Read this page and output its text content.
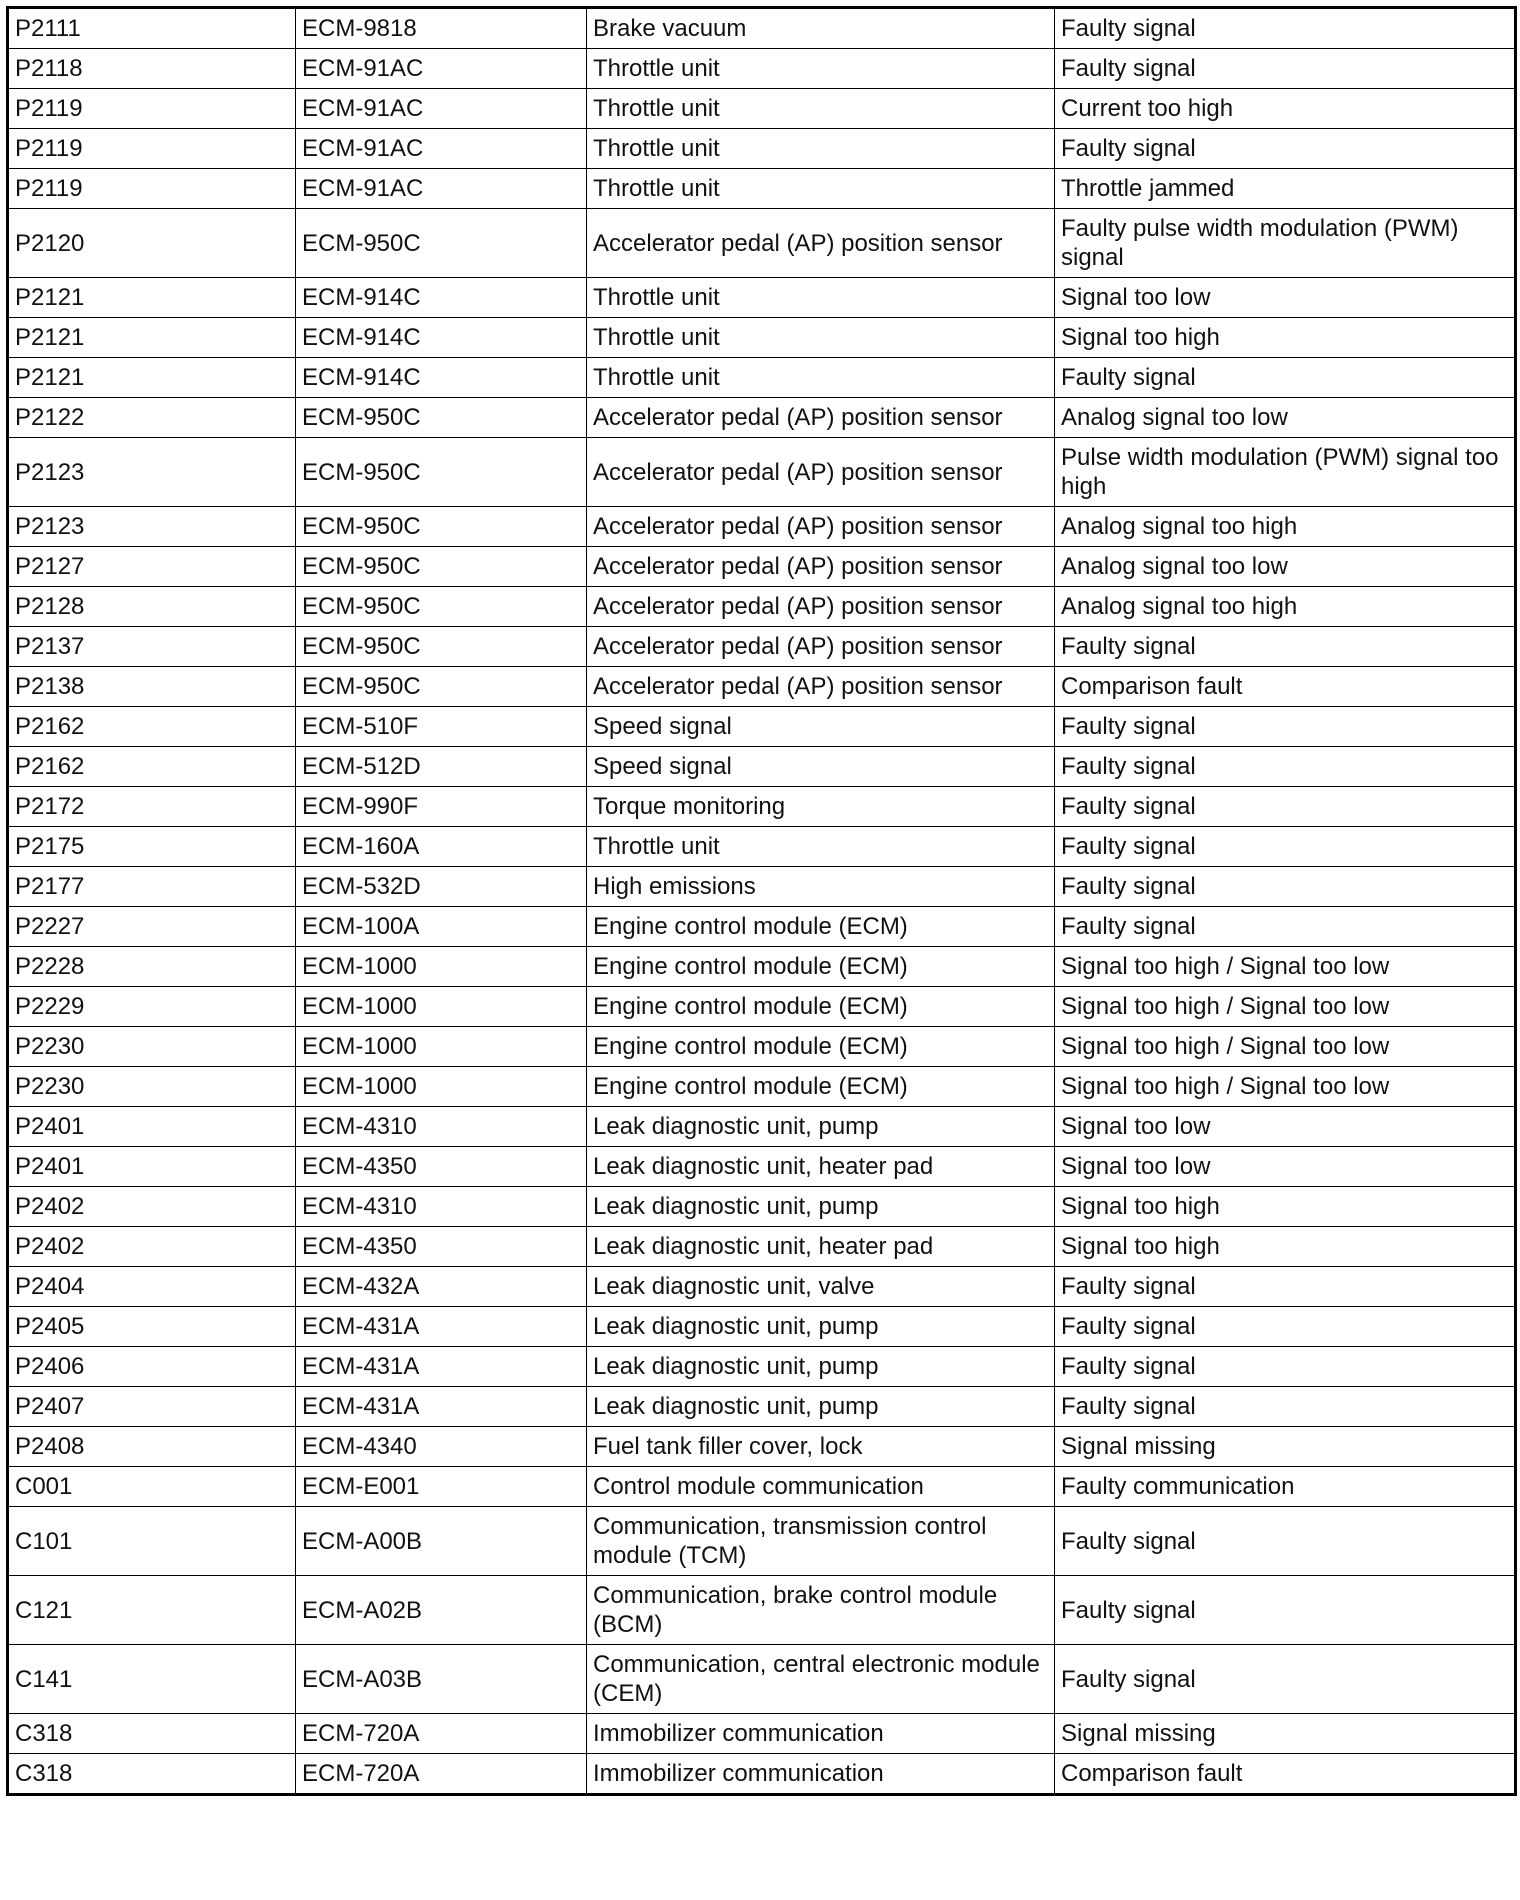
P2111	ECM-9818	Brake vacuum	Faulty signal
P2118	ECM-91AC	Throttle unit	Faulty signal
P2119	ECM-91AC	Throttle unit	Current too high
P2119	ECM-91AC	Throttle unit	Faulty signal
P2119	ECM-91AC	Throttle unit	Throttle jammed
P2120	ECM-950C	Accelerator pedal (AP) position sensor	Faulty pulse width modulation (PWM) signal
P2121	ECM-914C	Throttle unit	Signal too low
P2121	ECM-914C	Throttle unit	Signal too high
P2121	ECM-914C	Throttle unit	Faulty signal
P2122	ECM-950C	Accelerator pedal (AP) position sensor	Analog signal too low
P2123	ECM-950C	Accelerator pedal (AP) position sensor	Pulse width modulation (PWM) signal too high
P2123	ECM-950C	Accelerator pedal (AP) position sensor	Analog signal too high
P2127	ECM-950C	Accelerator pedal (AP) position sensor	Analog signal too low
P2128	ECM-950C	Accelerator pedal (AP) position sensor	Analog signal too high
P2137	ECM-950C	Accelerator pedal (AP) position sensor	Faulty signal
P2138	ECM-950C	Accelerator pedal (AP) position sensor	Comparison fault
P2162	ECM-510F	Speed signal	Faulty signal
P2162	ECM-512D	Speed signal	Faulty signal
P2172	ECM-990F	Torque monitoring	Faulty signal
P2175	ECM-160A	Throttle unit	Faulty signal
P2177	ECM-532D	High emissions	Faulty signal
P2227	ECM-100A	Engine control module (ECM)	Faulty signal
P2228	ECM-1000	Engine control module (ECM)	Signal too high / Signal too low
P2229	ECM-1000	Engine control module (ECM)	Signal too high / Signal too low
P2230	ECM-1000	Engine control module (ECM)	Signal too high / Signal too low
P2230	ECM-1000	Engine control module (ECM)	Signal too high / Signal too low
P2401	ECM-4310	Leak diagnostic unit, pump	Signal too low
P2401	ECM-4350	Leak diagnostic unit, heater pad	Signal too low
P2402	ECM-4310	Leak diagnostic unit, pump	Signal too high
P2402	ECM-4350	Leak diagnostic unit, heater pad	Signal too high
P2404	ECM-432A	Leak diagnostic unit, valve	Faulty signal
P2405	ECM-431A	Leak diagnostic unit, pump	Faulty signal
P2406	ECM-431A	Leak diagnostic unit, pump	Faulty signal
P2407	ECM-431A	Leak diagnostic unit, pump	Faulty signal
P2408	ECM-4340	Fuel tank filler cover, lock	Signal missing
C001	ECM-E001	Control module communication	Faulty communication
C101	ECM-A00B	Communication, transmission control module (TCM)	Faulty signal
C121	ECM-A02B	Communication, brake control module (BCM)	Faulty signal
C141	ECM-A03B	Communication, central electronic module (CEM)	Faulty signal
C318	ECM-720A	Immobilizer communication	Signal missing
C318	ECM-720A	Immobilizer communication	Comparison fault
